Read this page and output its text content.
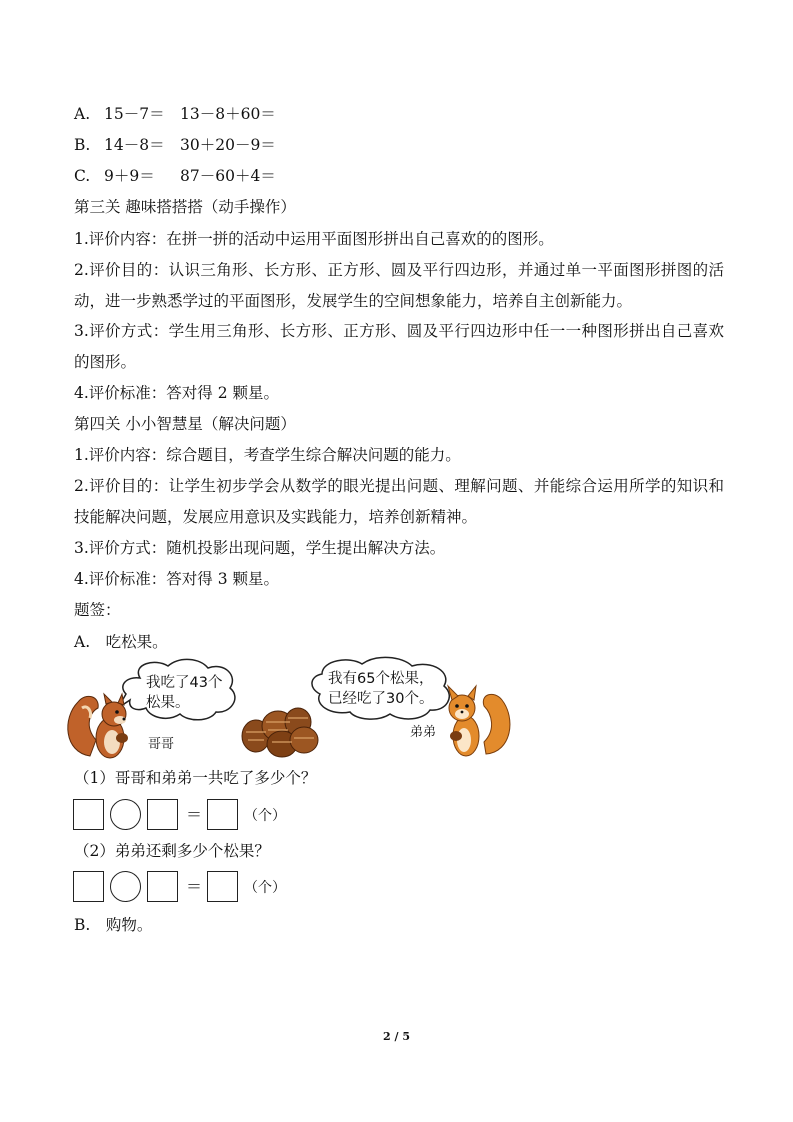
A. 15－7＝ 13－8＋60＝
B. 14－8＝ 30＋20－9＝
C. 9＋9＝ 87－60＋4＝
第三关 趣味搭搭搭（动手操作）
1.评价内容：在拼一拼的活动中运用平面图形拼出自己喜欢的的图形。
2.评价目的：认识三角形、长方形、正方形、圆及平行四边形，并通过单一平面图形拼图的活动，进一步熟悉学过的平面图形，发展学生的空间想象能力，培养自主创新能力。
3.评价方式：学生用三角形、长方形、正方形、圆及平行四边形中任一一种图形拼出自己喜欢的图形。
4.评价标准：答对得 2 颗星。
第四关 小小智慧星（解决问题）
1.评价内容：综合题目，考查学生综合解决问题的能力。
2.评价目的：让学生初步学会从数学的眼光提出问题、理解问题、并能综合运用所学的知识和技能解决问题，发展应用意识及实践能力，培养创新精神。
3.评价方式：随机投影出现问题，学生提出解决方法。
4.评价标准：答对得 3 颗星。
题签：
A.　吃松果。
我吃了43个
松果。
我有65个松果，
已经吃了30个。
哥哥
弟弟
（1）哥哥和弟弟一共吃了多少个？
＝	（个）
（2）弟弟还剩多少个松果？
＝	（个）
B.　购物。
2 / 5
